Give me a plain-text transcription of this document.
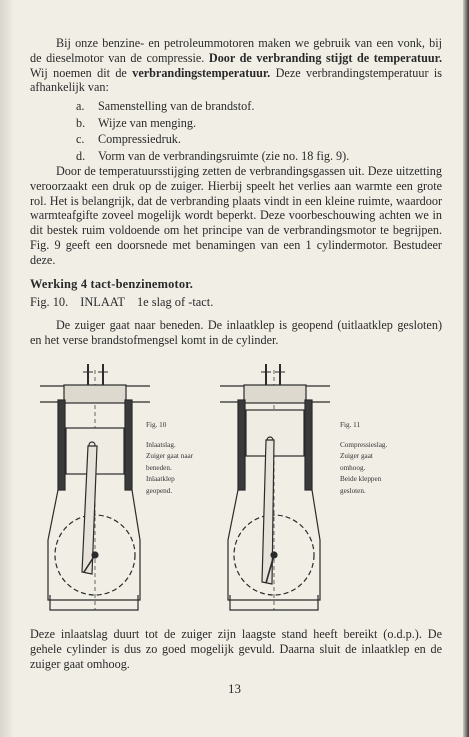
Bij onze benzine- en petroleummotoren maken we gebruik van een vonk, bij de dieselmotor van de compressie. Door de verbranding stijgt de temperatuur. Wij noemen dit de verbrandingstemperatuur. Deze verbrandingstemperatuur is afhankelijk van:

a.	Samenstelling van de brandstof.
b.	Wijze van menging.
c.	Compressiedruk.
d.	Vorm van de verbrandingsruimte (zie no. 18 fig. 9).

Door de temperatuursstijging zetten de verbrandingsgassen uit. Deze uitzetting veroorzaakt een druk op de zuiger. Hierbij speelt het verlies aan warmte een grote rol. Het is belangrijk, dat de verbranding plaats vindt in een kleine ruimte, waardoor warmteafgifte zoveel mogelijk wordt beperkt. Deze voorbeschouwing achten we in dit bestek ruim voldoende om het principe van de verbrandingsmotor te begrijpen. Fig. 9 geeft een doorsnede met benamingen van een 1 cylindermotor. Bestudeer deze.

Werking 4 tact-benzinemotor.
Fig. 10. INLAAT 1e slag of -tact.

De zuiger gaat naar beneden. De inlaatklep is geopend (uitlaatklep gesloten) en het verse brandstofmengsel komt in de cylinder.

Fig. 10
Inlaatslag.
Zuiger gaat naar
beneden.
Inlaatklep
geopend.
Fig. 11
Compressieslag.
Zuiger gaat
omhoog.
Beide kleppen
gesloten.

Deze inlaatslag duurt tot de zuiger zijn laagste stand heeft bereikt (o.d.p.). De gehele cylinder is dus zo goed mogelijk gevuld. Daarna sluit de inlaatklep en de zuiger gaat omhoog.

13
